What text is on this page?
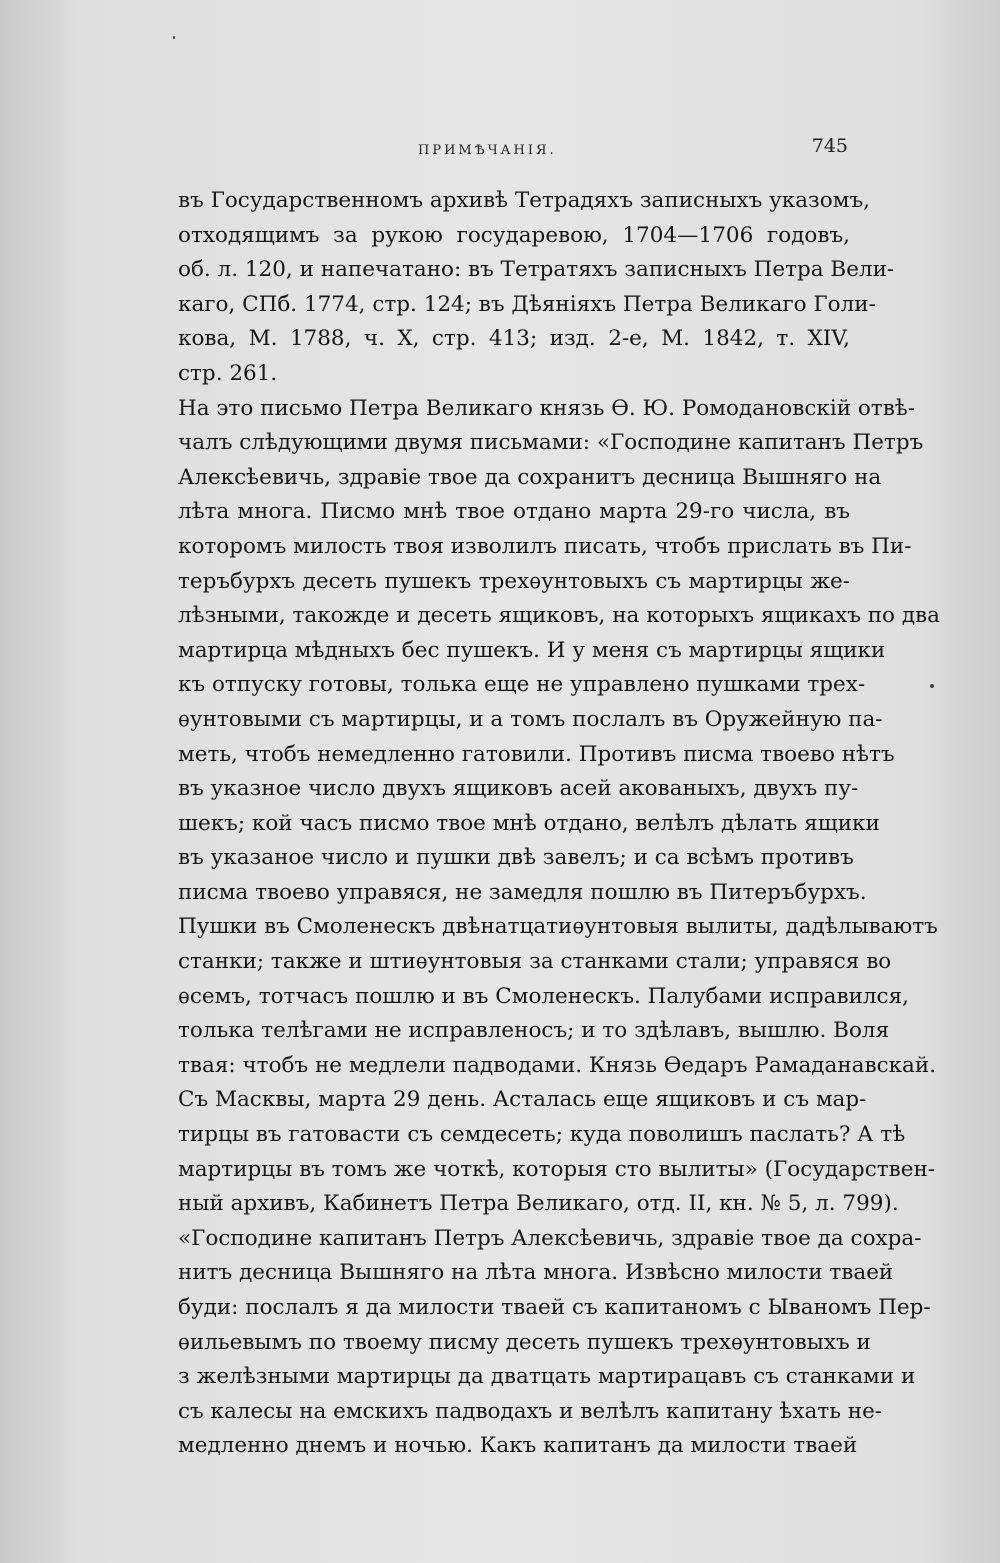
ПРИМѢЧАНІЯ.	745
въ Государственномъ архивѣ Тетрадяхъ записныхъ указомъ,
отходящимъ за рукою государевою, 1704—1706 годовъ,
об. л. 120, и напечатано: въ Тетратяхъ записныхъ Петра Вели-
каго, СПб. 1774, стр. 124; въ Дѣяніяхъ Петра Великаго Голи-
кова, М. 1788, ч. X, стр. 413; изд. 2-е, М. 1842, т. XIV,
стр. 261.
На это письмо Петра Великаго князь Ѳ. Ю. Ромодановскій отвѣ-
чалъ слѣдующими двумя письмами: «Господине капитанъ Петръ
Алексѣевичь, здравіе твое да сохранитъ десница Вышняго на
лѣта многа. Писмо мнѣ твое отдано марта 29-го числа, въ
которомъ милость твоя изволилъ писать, чтобъ прислать въ Пи-
теръбурхъ десеть пушекъ трехѳунтовыхъ съ мартирцы же-
лѣзными, такожде и десеть ящиковъ, на которыхъ ящикахъ по два
мартирца мѣдныхъ бес пушекъ. И у меня съ мартирцы ящики
къ отпуску готовы, толька еще не управлено пушками трех-
ѳунтовыми съ мартирцы, и а томъ послалъ въ Оружейную па-
меть, чтобъ немедленно гатовили. Противъ писма твоево нѣтъ
въ указное число двухъ ящиковъ асей акованыхъ, двухъ пу-
шекъ; кой часъ писмо твое мнѣ отдано, велѣлъ дѣлать ящики
въ указаное число и пушки двѣ завелъ; и са всѣмъ противъ
писма твоево управяся, не замедля пошлю въ Питеръбурхъ.
Пушки въ Смоленескъ двѣнатцатиѳунтовыя вылиты, дадѣлываютъ
станки; также и штиѳунтовыя за станками стали; управяся во
ѳсемъ, тотчасъ пошлю и въ Смоленескъ. Палубами исправился,
толька телѣгами не исправленосъ; и то здѣлавъ, вышлю. Воля
твая: чтобъ не медлели падводами. Князь Ѳедаръ Рамаданавскай.
Съ Масквы, марта 29 день. Асталась еще ящиковъ и съ мар-
тирцы въ гатовасти съ семдесеть; куда поволишъ паслать? А тѣ
мартирцы въ томъ же чоткѣ, которыя сто вылиты» (Государствен-
ный архивъ, Кабинетъ Петра Великаго, отд. II, кн. № 5, л. 799).
«Господине капитанъ Петръ Алексѣевичь, здравіе твое да сохра-
нитъ десница Вышняго на лѣта многа. Извѣсно милости тваей
буди: послалъ я да милости тваей съ капитаномъ с Ываномъ Пер-
ѳильевымъ по твоему писму десеть пушекъ трехѳунтовыхъ и
з желѣзными мартирцы да дватцать мартирацавъ съ станками и
съ калесы на емскихъ падводахъ и велѣлъ капитану ѣхать не-
медленно днемъ и ночью. Какъ капитанъ да милости тваей
